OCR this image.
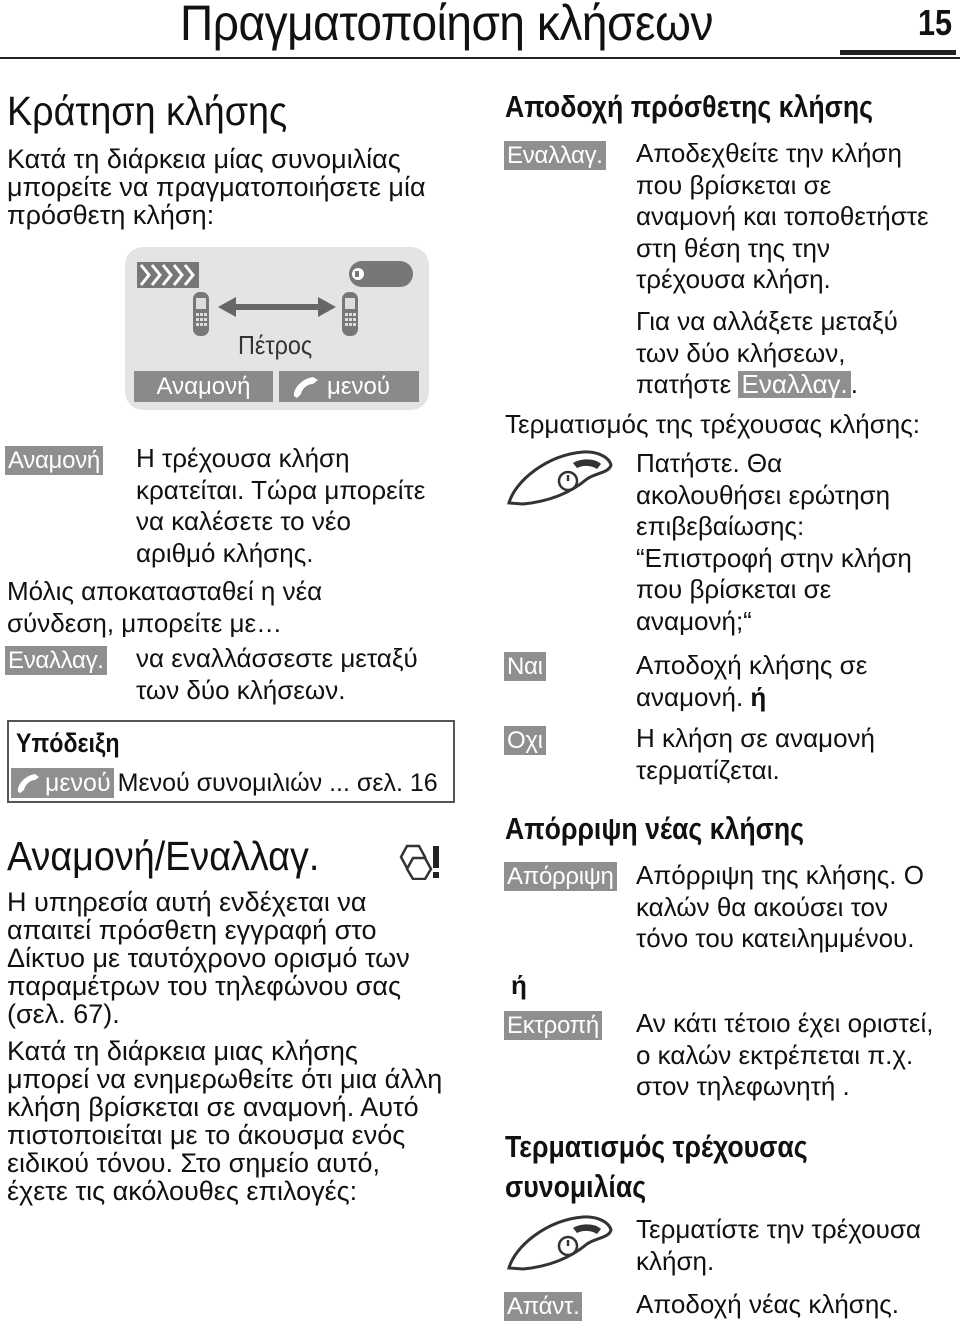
Πραγματοποίηση κλήσεων	15
Κράτηση κλήσης
Κατά τη διάρκεια μίας συνομιλίας
μπορείτε να πραγματοποιήσετε μία
πρόσθετη κλήση:
Πέτρος
Αναμονή	μενού
Αναμονή Η τρέχουσα κλήση
κρατείται. Τώρα μπορείτε
να καλέσετε το νέο
αριθμό κλήσης.
Μόλις αποκατασταθεί η νέα
σύνδεση, μπορείτε με…
Εναλλαγ. να εναλλάσσεστε μεταξύ
των δύο κλήσεων.
Υπόδειξη
μενού Μενού συνομιλιών ... σελ. 16
Αναμονή/Εναλλαγ.
Η υπηρεσία αυτή ενδέχεται να
απαιτεί πρόσθετη εγγραφή στο
Δίκτυο με ταυτόχρονο ορισμό των
παραμέτρων του τηλεφώνου σας
(σελ. 67).
Κατά τη διάρκεια μιας κλήσης
μπορεί να ενημερωθείτε ότι μια άλλη
κλήση βρίσκεται σε αναμονή. Αυτό
πιστοποιείται με το άκουσμα ενός
ειδικού τόνου. Στο σημείο αυτό,
έχετε τις ακόλουθες επιλογές:
Αποδοχή πρόσθετης κλήσης
Εναλλαγ. Αποδεχθείτε την κλήση
που βρίσκεται σε
αναμονή και τοποθετήστε
στη θέση της την
τρέχουσα κλήση.
Για να αλλάξετε μεταξύ
των δύο κλήσεων,
πατήστε Εναλλαγ. .
Τερματισμός της τρέχουσας κλήσης:
Πατήστε. Θα
ακολουθήσει ερώτηση
επιβεβαίωσης:
“Επιστροφή στην κλήση
που βρίσκεται σε
αναμονή;“
Ναι	Αποδοχή κλήσης σε
αναμονή. ή
Οχι	Η κλήση σε αναμονή
τερματίζεται.
Απόρριψη νέας κλήσης
Απόρριψη Απόρριψη της κλήσης. Ο
καλών θα ακούσει τον
τόνο του κατειλημμένου.
ή
Εκτροπή Αν κάτι τέτοιο έχει οριστεί,
ο καλών εκτρέπεται π.χ.
στον τηλεφωνητή .
Τερματισμός τρέχουσας
συνομιλίας
Τερματίστε την τρέχουσα
κλήση.
Απάντ. Αποδοχή νέας κλήσης.
